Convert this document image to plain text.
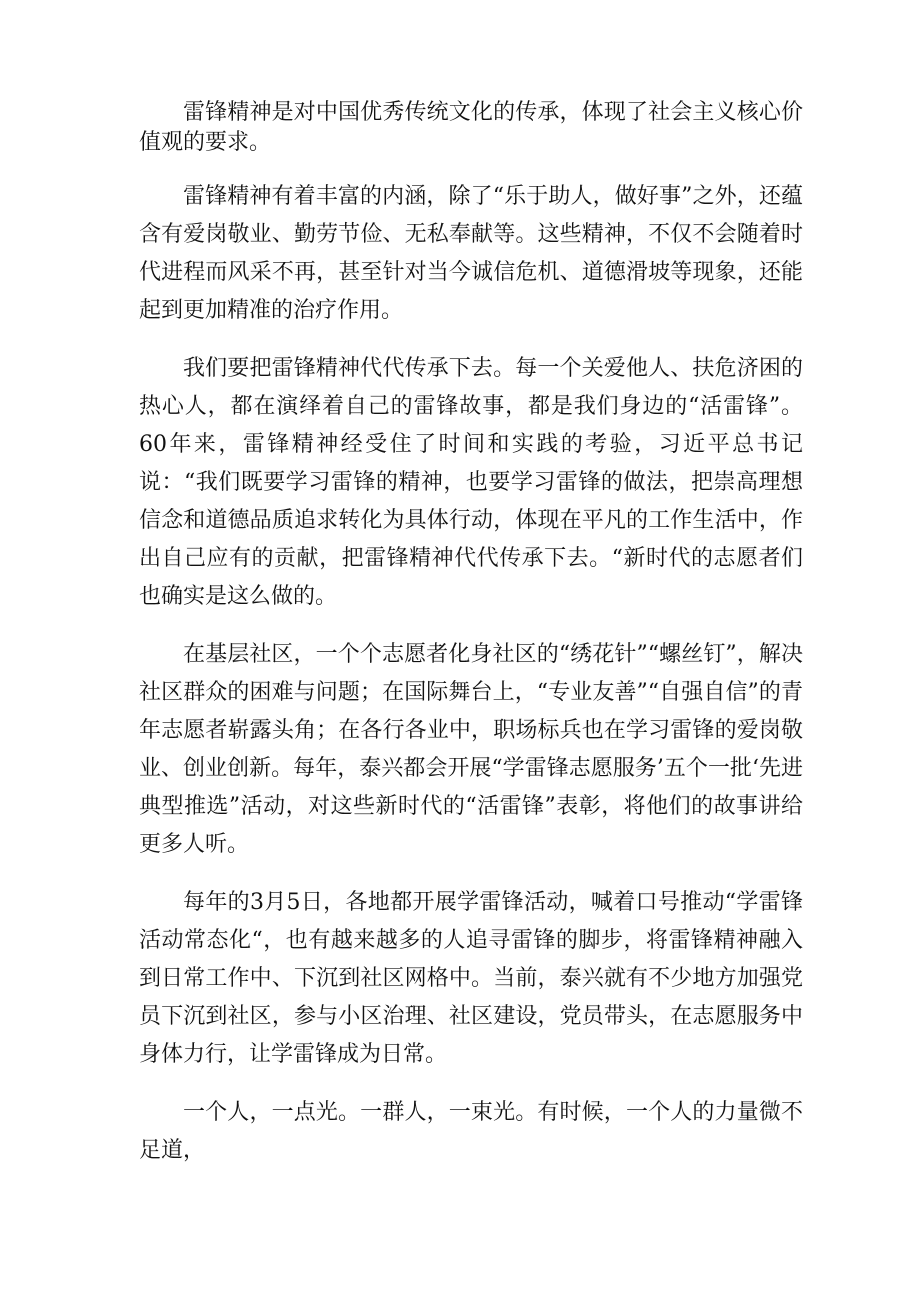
雷锋精神是对中国优秀传统文化的传承，体现了社会主义核心价值观的要求。

雷锋精神有着丰富的内涵，除了“乐于助人，做好事”之外，还蕴含有爱岗敬业、勤劳节俭、无私奉献等。这些精神，不仅不会随着时代进程而风采不再，甚至针对当今诚信危机、道德滑坡等现象，还能起到更加精准的治疗作用。

我们要把雷锋精神代代传承下去。每一个关爱他人、扶危济困的热心人，都在演绎着自己的雷锋故事，都是我们身边的“活雷锋”。60年来，雷锋精神经受住了时间和实践的考验，习近平总书记说：“我们既要学习雷锋的精神，也要学习雷锋的做法，把崇高理想信念和道德品质追求转化为具体行动，体现在平凡的工作生活中，作出自己应有的贡献，把雷锋精神代代传承下去。“新时代的志愿者们也确实是这么做的。

在基层社区，一个个志愿者化身社区的“绣花针”“螺丝钉”，解决社区群众的困难与问题；在国际舞台上，“专业友善”“自强自信”的青年志愿者崭露头角；在各行各业中，职场标兵也在学习雷锋的爱岗敬业、创业创新。每年，泰兴都会开展“学雷锋志愿服务’五个一批‘先进典型推选”活动，对这些新时代的“活雷锋”表彰，将他们的故事讲给更多人听。

每年的3月5日，各地都开展学雷锋活动，喊着口号推动“学雷锋活动常态化“，也有越来越多的人追寻雷锋的脚步，将雷锋精神融入到日常工作中、下沉到社区网格中。当前，泰兴就有不少地方加强党员下沉到社区，参与小区治理、社区建设，党员带头，在志愿服务中身体力行，让学雷锋成为日常。

一个人，一点光。一群人，一束光。有时候，一个人的力量微不足道，
